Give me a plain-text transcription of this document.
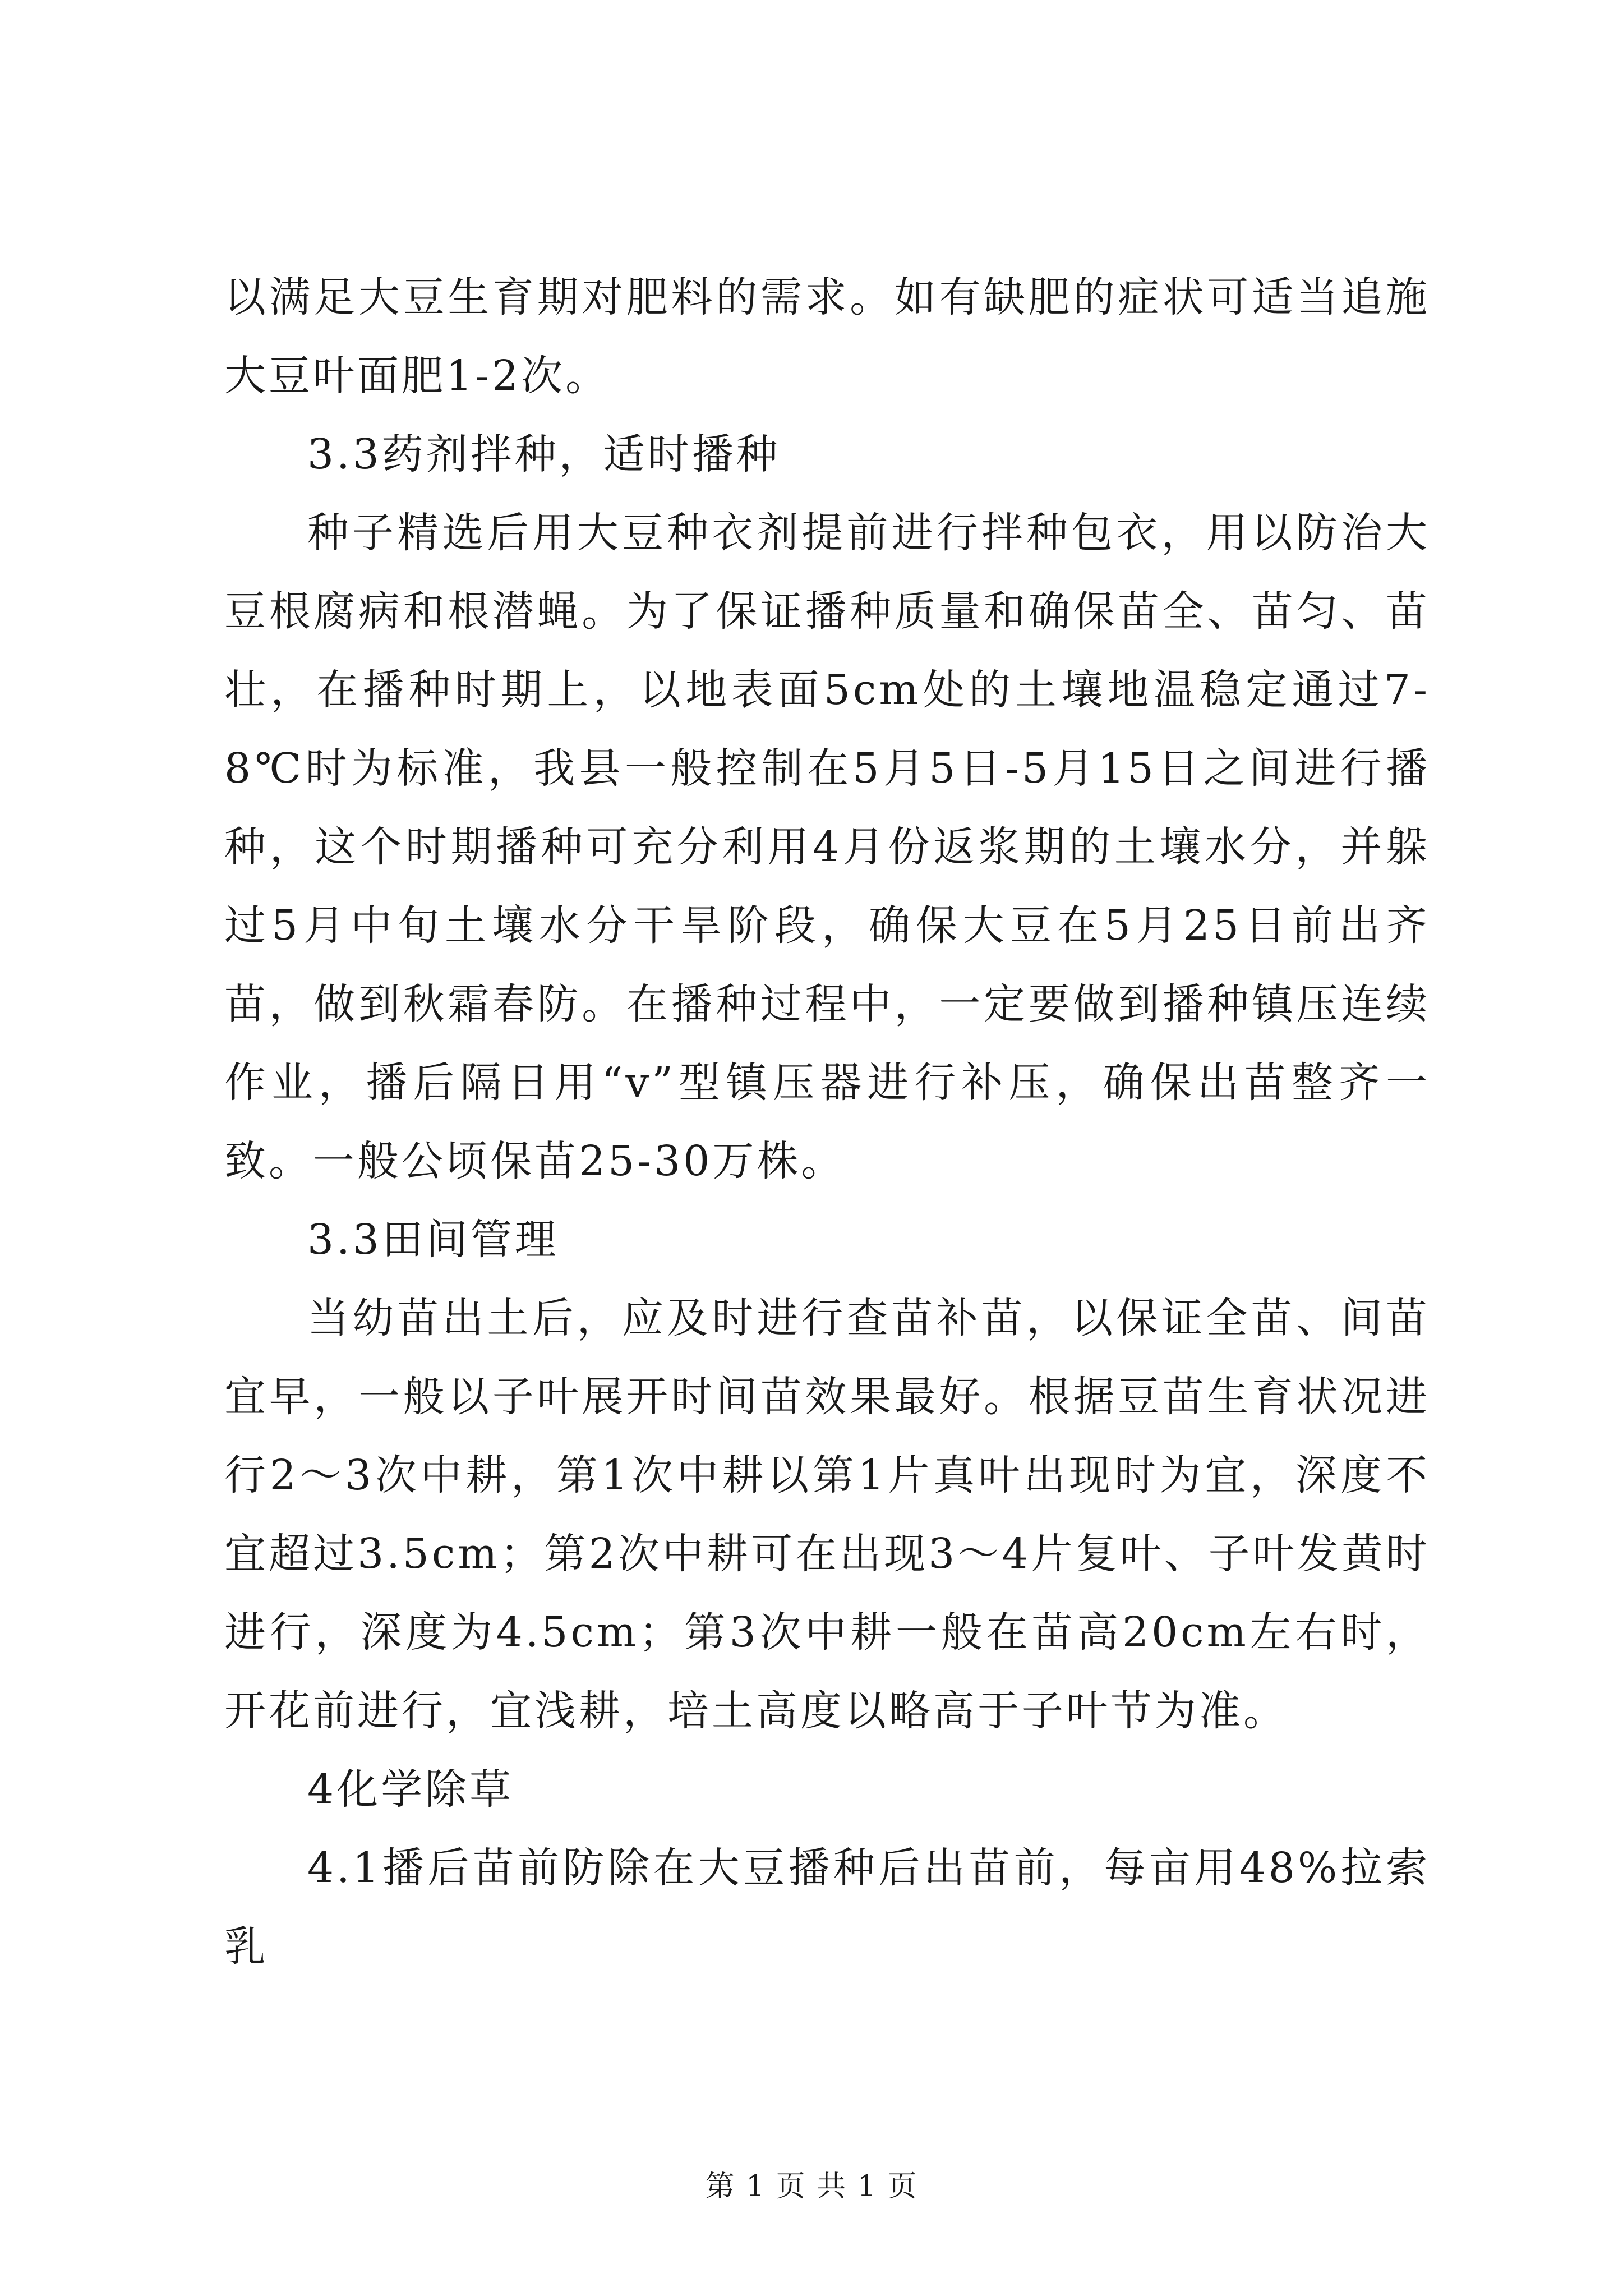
以满足大豆生育期对肥料的需求。如有缺肥的症状可适当追施大豆叶面肥1-2次。

3.3药剂拌种，适时播种

种子精选后用大豆种衣剂提前进行拌种包衣，用以防治大豆根腐病和根潜蝇。为了保证播种质量和确保苗全、苗匀、苗壮，在播种时期上，以地表面5cm处的土壤地温稳定通过7-8℃时为标准，我县一般控制在5月5日-5月15日之间进行播种，这个时期播种可充分利用4月份返浆期的土壤水分，并躲过5月中旬土壤水分干旱阶段，确保大豆在5月25日前出齐苗，做到秋霜春防。在播种过程中，一定要做到播种镇压连续作业，播后隔日用“v”型镇压器进行补压，确保出苗整齐一致。一般公顷保苗25-30万株。

3.3田间管理

当幼苗出土后，应及时进行查苗补苗，以保证全苗、间苗宜早，一般以子叶展开时间苗效果最好。根据豆苗生育状况进行2～3次中耕，第1次中耕以第1片真叶出现时为宜，深度不宜超过3.5cm；第2次中耕可在出现3～4片复叶、子叶发黄时进行，深度为4.5cm；第3次中耕一般在苗高20cm左右时，开花前进行，宜浅耕，培土高度以略高于子叶节为准。

4化学除草

4.1播后苗前防除在大豆播种后出苗前，每亩用48%拉索乳

第 1 页 共 1 页
